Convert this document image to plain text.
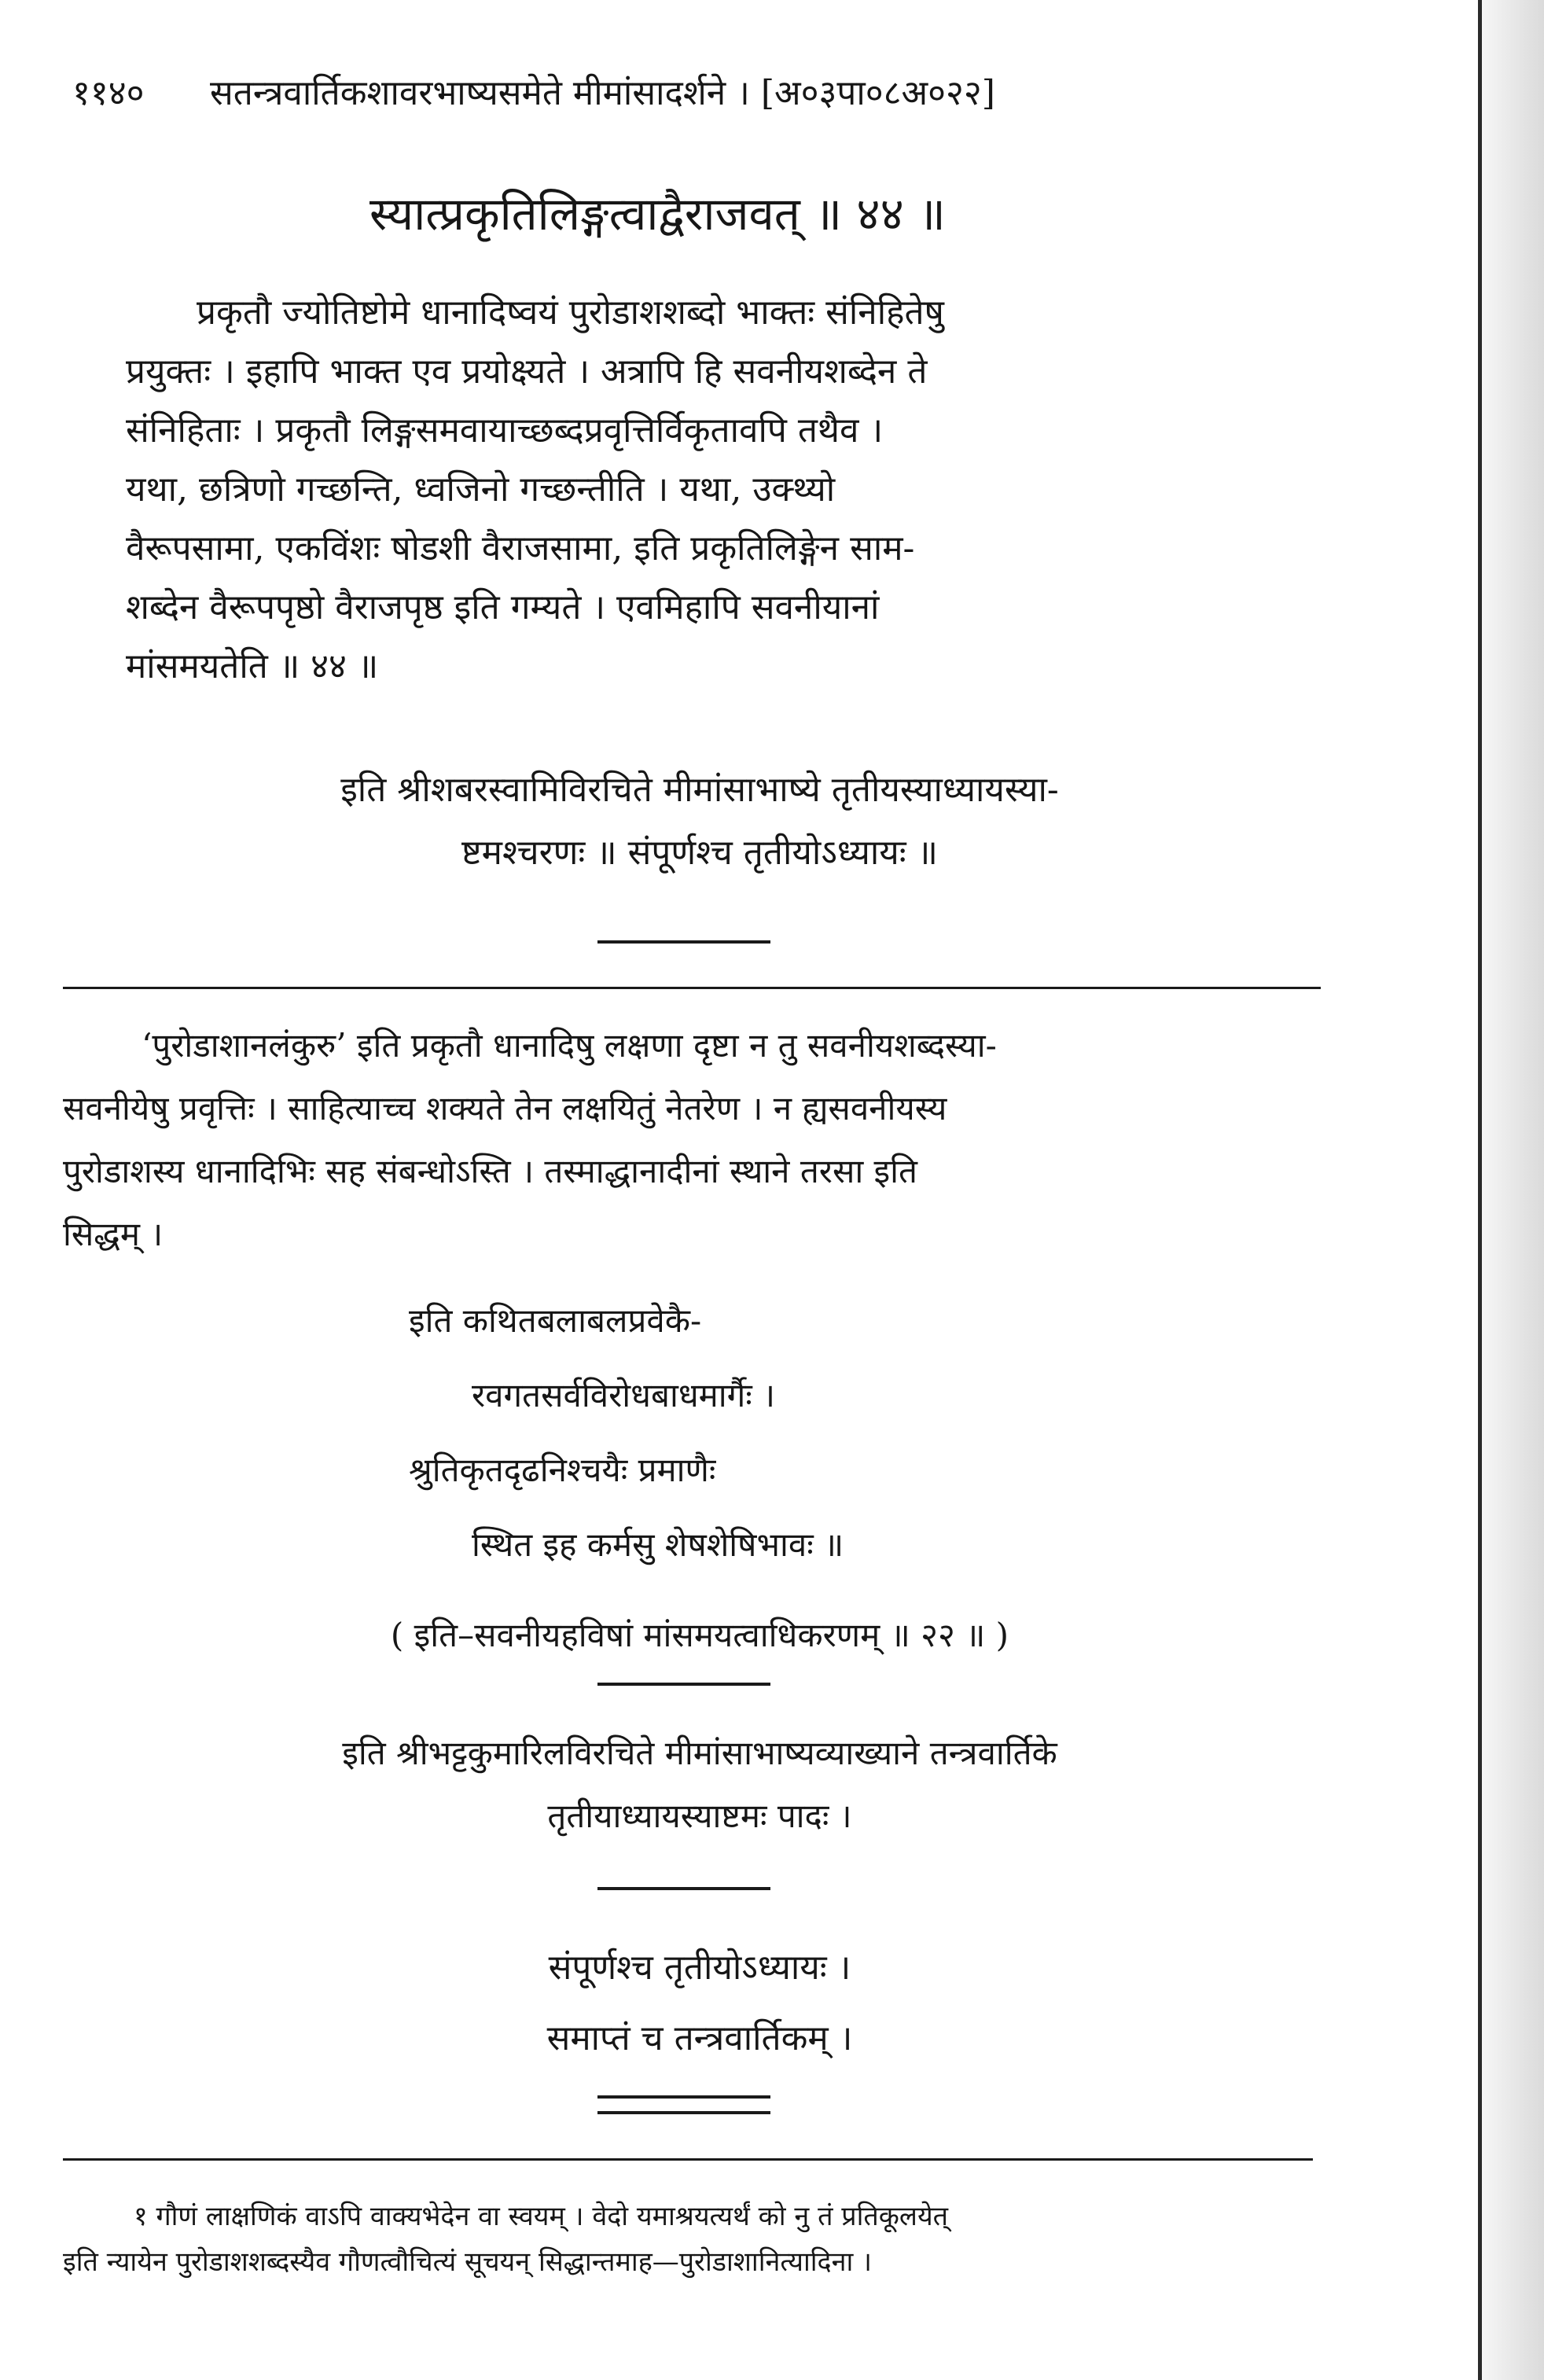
११४० सतन्त्रवार्तिकशावरभाष्यसमेते मीमांसादर्शने । [अ०३पा०८अ०२२]
स्यात्प्रकृतिलिङ्गत्वाद्वैराजवत् ॥ ४४ ॥
प्रकृतौ ज्योतिष्टोमे धानादिष्वयं पुरोडाशशब्दो भाक्तः संनिहितेषु
प्रयुक्तः । इहापि भाक्त एव प्रयोक्ष्यते । अत्रापि हि सवनीयशब्देन ते
संनिहिताः । प्रकृतौ लिङ्गसमवायाच्छब्दप्रवृत्तिर्विकृतावपि तथैव ।
यथा, छत्रिणो गच्छन्ति, ध्वजिनो गच्छन्तीति । यथा, उक्थ्यो
वैरूपसामा, एकविंशः षोडशी वैराजसामा, इति प्रकृतिलिङ्गेन साम-
शब्देन वैरूपपृष्ठो वैराजपृष्ठ इति गम्यते । एवमिहापि सवनीयानां
मांसमयतेति ॥ ४४ ॥
इति श्रीशबरस्वामिविरचिते मीमांसाभाष्ये तृतीयस्याध्यायस्या-
ष्टमश्चरणः ॥ संपूर्णश्च तृतीयोऽध्यायः ॥
‘पुरोडाशानलंकुरु’ इति प्रकृतौ धानादिषु लक्षणा दृष्टा न तु सवनीयशब्दस्या-
सवनीयेषु प्रवृत्तिः । साहित्याच्च शक्यते तेन लक्षयितुं नेतरेण । न ह्यसवनीयस्य
पुरोडाशस्य धानादिभिः सह संबन्धोऽस्ति । तस्माद्धानादीनां स्थाने तरसा इति
सिद्धम् ।
इति कथितबलाबलप्रवेकै-
रवगतसर्वविरोधबाधमार्गैः ।
श्रुतिकृतदृढनिश्चयैः प्रमाणैः
स्थित इह कर्मसु शेषशेषिभावः ॥
( इति–सवनीयहविषां मांसमयत्वाधिकरणम् ॥ २२ ॥ )
इति श्रीभट्टकुमारिलविरचिते मीमांसाभाष्यव्याख्याने तन्त्रवार्तिके
तृतीयाध्यायस्याष्टमः पादः ।
संपूर्णश्च तृतीयोऽध्यायः ।
समाप्तं च तन्त्रवार्तिकम् ।

१ गौणं लाक्षणिकं वाऽपि वाक्यभेदेन वा स्वयम् । वेदो यमाश्रयत्यर्थं को नु तं प्रतिकूलयेत्

इति न्यायेन पुरोडाशशब्दस्यैव गौणत्वौचित्यं सूचयन् सिद्धान्तमाह—पुरोडाशानित्यादिना ।
